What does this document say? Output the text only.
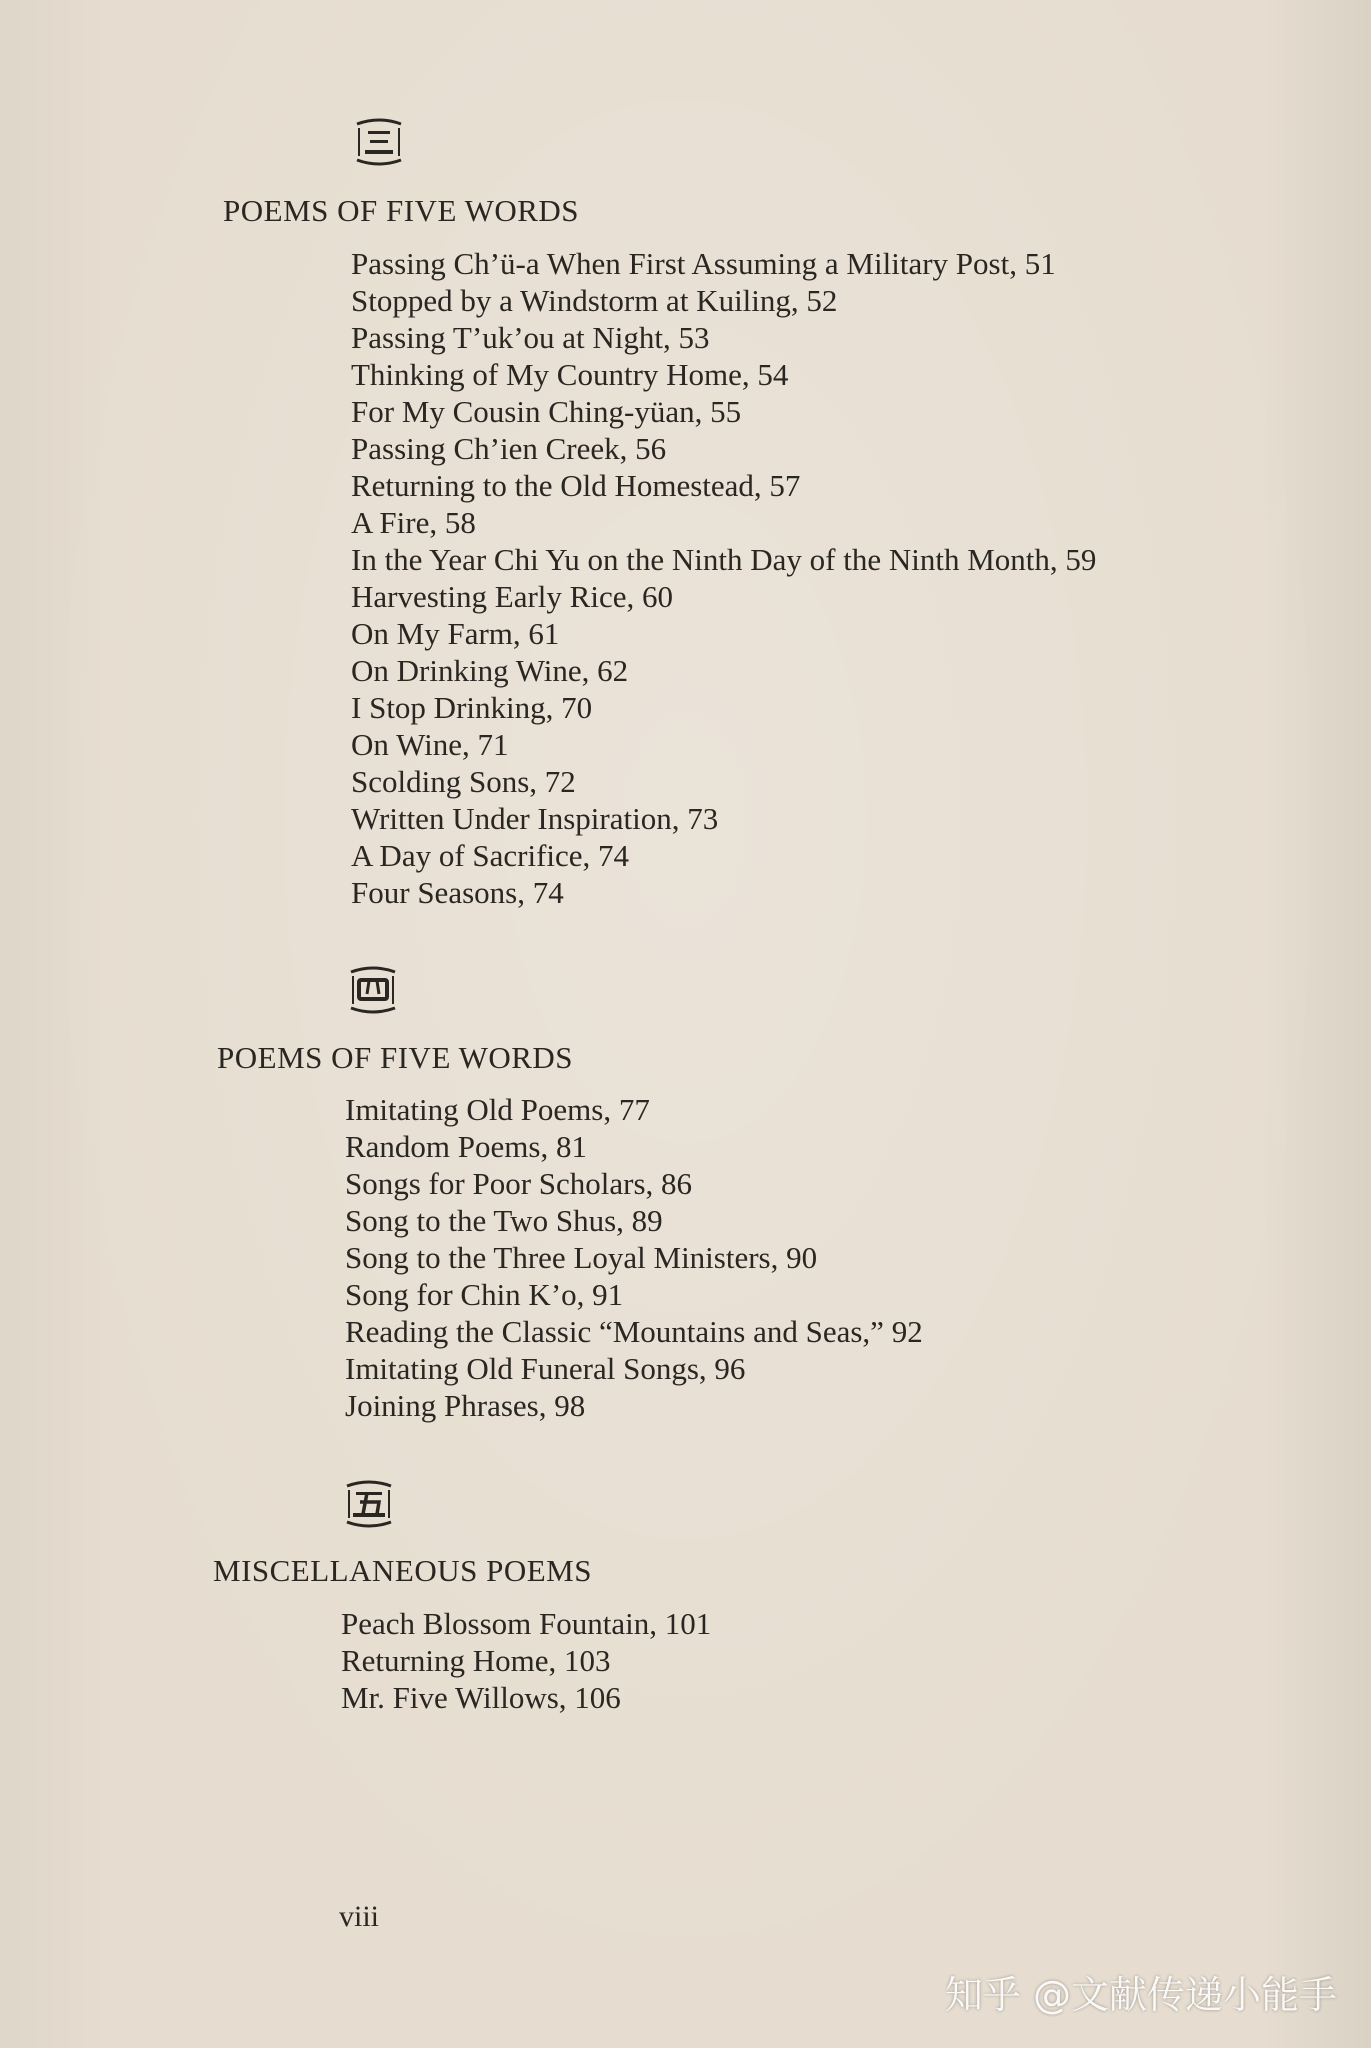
POEMS OF FIVE WORDS
Passing Ch’ü-a When First Assuming a Military Post, 51
Stopped by a Windstorm at Kuiling, 52
Passing T’uk’ou at Night, 53
Thinking of My Country Home, 54
For My Cousin Ching-yüan, 55
Passing Ch’ien Creek, 56
Returning to the Old Homestead, 57
A Fire, 58
In the Year Chi Yu on the Ninth Day of the Ninth Month, 59
Harvesting Early Rice, 60
On My Farm, 61
On Drinking Wine, 62
I Stop Drinking, 70
On Wine, 71
Scolding Sons, 72
Written Under Inspiration, 73
A Day of Sacrifice, 74
Four Seasons, 74
POEMS OF FIVE WORDS
Imitating Old Poems, 77
Random Poems, 81
Songs for Poor Scholars, 86
Song to the Two Shus, 89
Song to the Three Loyal Ministers, 90
Song for Chin K’o, 91
Reading the Classic “Mountains and Seas,” 92
Imitating Old Funeral Songs, 96
Joining Phrases, 98
MISCELLANEOUS POEMS
Peach Blossom Fountain, 101
Returning Home, 103
Mr. Five Willows, 106
viii
知乎 @文献传递小能手
